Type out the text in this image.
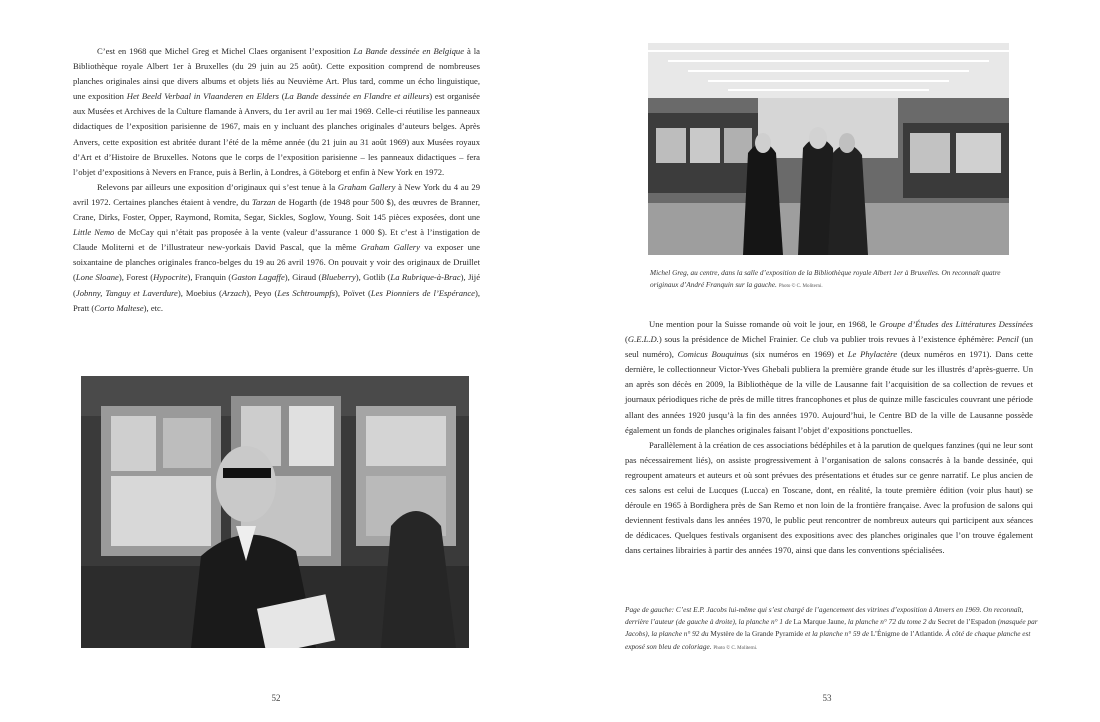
C’est en 1968 que Michel Greg et Michel Claes organisent l’exposition La Bande dessinée en Belgique à la Bibliothèque royale Albert 1er à Bruxelles (du 29 juin au 25 août). Cette exposition comprend de nombreuses planches originales ainsi que divers albums et objets liés au Neuvième Art. Plus tard, comme un écho linguistique, une exposition Het Beeld Verbaal in Vlaanderen en Elders (La Bande dessinée en Flandre et ailleurs) est organisée aux Musées et Archives de la Culture flamande à Anvers, du 1er avril au 1er mai 1969. Celle-ci réutilise les panneaux didactiques de l’exposition parisienne de 1967, mais en y incluant des planches originales d’auteurs belges. Après Anvers, cette exposition est abritée durant l’été de la même année (du 21 juin au 31 août 1969) aux Musées royaux d’Art et d’Histoire de Bruxelles. Notons que le corps de l’exposition parisienne – les panneaux didactiques – fera l’objet d’expositions à Nevers en France, puis à Berlin, à Londres, à Göteborg et enfin à New York en 1972.

Relevons par ailleurs une exposition d’originaux qui s’est tenue à la Graham Gallery à New York du 4 au 29 avril 1972. Certaines planches étaient à vendre, du Tarzan de Hogarth (de 1948 pour 500 $), des œuvres de Branner, Crane, Dirks, Foster, Opper, Raymond, Romita, Segar, Sickles, Soglow, Young. Soit 145 pièces exposées, dont une Little Nemo de McCay qui n’était pas proposée à la vente (valeur d’assurance 1 000 $). Et c’est à l’instigation de Claude Moliterni et de l’illustrateur new-yorkais David Pascal, que la même Graham Gallery va exposer une soixantaine de planches originales franco-belges du 19 au 26 avril 1976. On pouvait y voir des originaux de Druillet (Lone Sloane), Forest (Hypocrite), Franquin (Gaston Lagaffe), Giraud (Blueberry), Gotlib (La Rubrique-à-Brac), Jijé (Jobnny, Tanguy et Laverdure), Moebius (Arzach), Peyo (Les Schtroumpfs), Poïvet (Les Pionniers de l’Espérance), Pratt (Corto Maltese), etc.

52
Michel Greg, au centre, dans la salle d’exposition de la Bibliothèque royale Albert 1er à Bruxelles. On reconnaît quatre originaux d’André Franquin sur la gauche. Photo © C. Moliterni.

Une mention pour la Suisse romande où voit le jour, en 1968, le Groupe d’Études des Littératures Dessinées (G.E.L.D.) sous la présidence de Michel Frainier. Ce club va publier trois revues à l’existence éphémère: Pencil (un seul numéro), Comicus Bouquinus (six numéros en 1969) et Le Phylactère (deux numéros en 1971). Dans cette dernière, le collectionneur Victor-Yves Ghebali publiera la première grande étude sur les illustrés d’après-guerre. Un an après son décès en 2009, la Bibliothèque de la ville de Lausanne fait l’acquisition de sa collection de revues et journaux périodiques riche de près de mille titres francophones et plus de quinze mille fascicules couvrant une période allant des années 1920 jusqu’à la fin des années 1970. Aujourd’hui, le Centre BD de la ville de Lausanne possède également un fonds de planches originales faisant l’objet d’expositions ponctuelles.

Parallèlement à la création de ces associations bédéphiles et à la parution de quelques fanzines (qui ne leur sont pas nécessairement liés), on assiste progressivement à l’organisation de salons consacrés à la bande dessinée, qui regroupent amateurs et auteurs et où sont prévues des présentations et études sur ce genre narratif. Le plus ancien de ces salons est celui de Lucques (Lucca) en Toscane, dont, en réalité, la toute première édition (voir plus haut) se déroule en 1965 à Bordighera près de San Remo et non loin de la frontière française. Avec la profusion de salons qui deviennent festivals dans les années 1970, le public peut rencontrer de nombreux auteurs qui participent aux séances de dédicaces. Quelques festivals organisent des expositions avec des planches originales que l’on trouve également dans certaines librairies à partir des années 1970, ainsi que dans les conventions spécialisées.

Page de gauche: C’est E.P. Jacobs lui-même qui s’est chargé de l’agencement des vitrines d’exposition à Anvers en 1969. On reconnaît, derrière l’auteur (de gauche à droite), la planche n° 1 de La Marque Jaune, la planche n° 72 du tome 2 du Secret de l’Espadon (masquée par Jacobs), la planche n° 92 du Mystère de la Grande Pyramide et la planche n° 59 de L’Énigme de l’Atlantide. À côté de chaque planche est exposé son bleu de coloriage. Photo © C. Moliterni.
53
